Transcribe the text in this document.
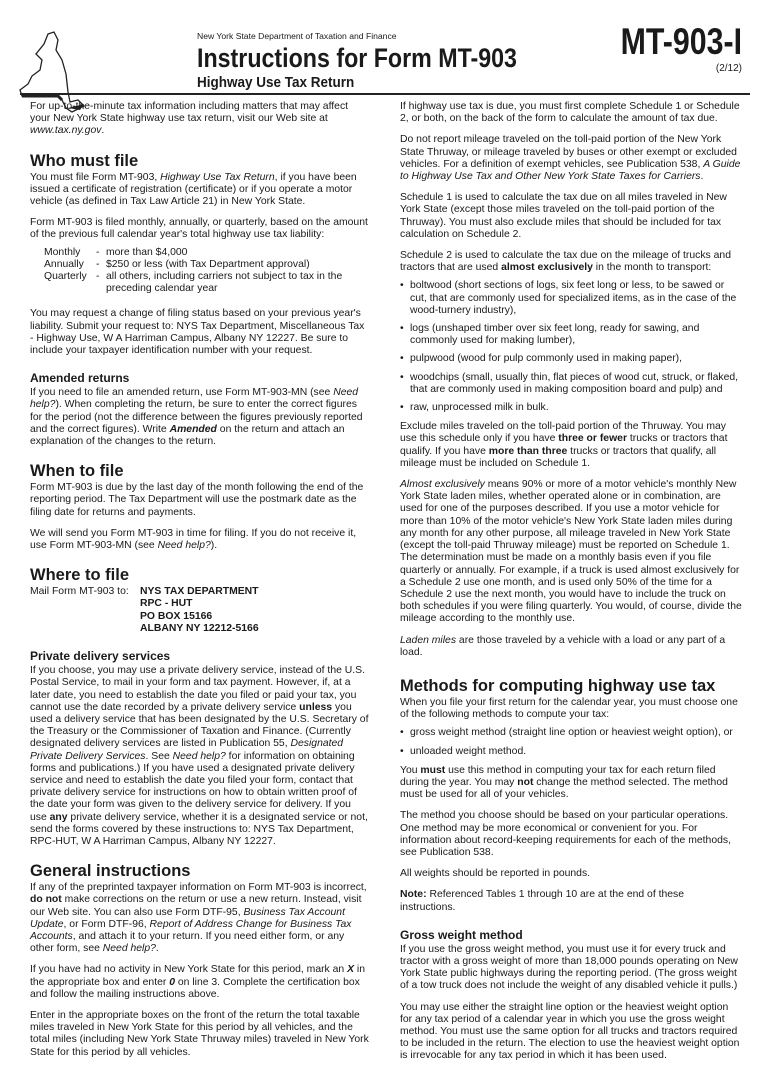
New York State Department of Taxation and Finance
Instructions for Form MT-903
Highway Use Tax Return
MT-903-I
(2/12)

For up-to-the-minute tax information including matters that may affect your New York State highway use tax return, visit our Web site at www.tax.ny.gov.

Who must file

You must file Form MT-903, Highway Use Tax Return, if you have been issued a certificate of registration (certificate) or if you operate a motor vehicle (as defined in Tax Law Article 21) in New York State.

Form MT-903 is filed monthly, annually, or quarterly, based on the amount of the previous full calendar year's total highway use tax liability:

Monthly	- more than $4,000
Annually	- $250 or less (with Tax Department approval)
Quarterly - all others, including carriers not subject to tax in the preceding calendar year

You may request a change of filing status based on your previous year's liability. Submit your request to: NYS Tax Department, Miscellaneous Tax - Highway Use, W A Harriman Campus, Albany NY 12227. Be sure to include your taxpayer identification number with your request.

Amended returns

If you need to file an amended return, use Form MT-903-MN (see Need help?). When completing the return, be sure to enter the correct figures for the period (not the difference between the figures previously reported and the correct figures). Write Amended on the return and attach an explanation of the changes to the return.

When to file

Form MT-903 is due by the last day of the month following the end of the reporting period. The Tax Department will use the postmark date as the filing date for returns and payments.

We will send you Form MT-903 in time for filing. If you do not receive it, use Form MT-903-MN (see Need help?).

Where to file
Mail Form MT-903 to:	NYS TAX DEPARTMENT
RPC - HUT
PO BOX 15166
ALBANY NY 12212-5166
Private delivery services

If you choose, you may use a private delivery service, instead of the U.S. Postal Service, to mail in your form and tax payment. However, if, at a later date, you need to establish the date you filed or paid your tax, you cannot use the date recorded by a private delivery service unless you used a delivery service that has been designated by the U.S. Secretary of the Treasury or the Commissioner of Taxation and Finance. (Currently designated delivery services are listed in Publication 55, Designated Private Delivery Services. See Need help? for information on obtaining forms and publications.) If you have used a designated private delivery service and need to establish the date you filed your form, contact that private delivery service for instructions on how to obtain written proof of the date your form was given to the delivery service for delivery. If you use any private delivery service, whether it is a designated service or not, send the forms covered by these instructions to: NYS Tax Department, RPC-HUT, W A Harriman Campus, Albany NY 12227.

General instructions

If any of the preprinted taxpayer information on Form MT-903 is incorrect, do not make corrections on the return or use a new return. Instead, visit our Web site. You can also use Form DTF-95, Business Tax Account Update, or Form DTF-96, Report of Address Change for Business Tax Accounts, and attach it to your return. If you need either form, or any other form, see Need help?.

If you have had no activity in New York State for this period, mark an X in the appropriate box and enter 0 on line 3. Complete the certification box and follow the mailing instructions above.

Enter in the appropriate boxes on the front of the return the total taxable miles traveled in New York State for this period by all vehicles, and the total miles (including New York State Thruway miles) traveled in New York State for this period by all vehicles.

If highway use tax is due, you must first complete Schedule 1 or Schedule 2, or both, on the back of the form to calculate the amount of tax due.

Do not report mileage traveled on the toll-paid portion of the New York State Thruway, or mileage traveled by buses or other exempt or excluded vehicles. For a definition of exempt vehicles, see Publication 538, A Guide to Highway Use Tax and Other New York State Taxes for Carriers.

Schedule 1 is used to calculate the tax due on all miles traveled in New York State (except those miles traveled on the toll-paid portion of the Thruway). You must also exclude miles that should be included for tax calculation on Schedule 2.

Schedule 2 is used to calculate the tax due on the mileage of trucks and tractors that are used almost exclusively in the month to transport:

• boltwood (short sections of logs, six feet long or less, to be sawed or cut, that are commonly used for specialized items, as in the case of the wood-turnery industry),
• logs (unshaped timber over six feet long, ready for sawing, and commonly used for making lumber),
• pulpwood (wood for pulp commonly used in making paper),
• woodchips (small, usually thin, flat pieces of wood cut, struck, or flaked, that are commonly used in making composition board and pulp) and
• raw, unprocessed milk in bulk.

Exclude miles traveled on the toll-paid portion of the Thruway. You may use this schedule only if you have three or fewer trucks or tractors that qualify. If you have more than three trucks or tractors that qualify, all mileage must be included on Schedule 1.

Almost exclusively means 90% or more of a motor vehicle's monthly New York State laden miles, whether operated alone or in combination, are used for one of the purposes described. If you use a motor vehicle for more than 10% of the motor vehicle's New York State laden miles during any month for any other purpose, all mileage traveled in New York State (except the toll-paid Thruway mileage) must be reported on Schedule 1. The determination must be made on a monthly basis even if you file quarterly or annually. For example, if a truck is used almost exclusively for a Schedule 2 use one month, and is used only 50% of the time for a Schedule 2 use the next month, you would have to include the truck on both schedules if you were filing quarterly. You would, of course, divide the mileage according to the monthly use.

Laden miles are those traveled by a vehicle with a load or any part of a load.

Methods for computing highway use tax

When you file your first return for the calendar year, you must choose one of the following methods to compute your tax:

• gross weight method (straight line option or heaviest weight option), or
• unloaded weight method.

You must use this method in computing your tax for each return filed during the year. You may not change the method selected. The method must be used for all of your vehicles.

The method you choose should be based on your particular operations. One method may be more economical or convenient for you. For information about record-keeping requirements for each of the methods, see Publication 538.

All weights should be reported in pounds.

Note: Referenced Tables 1 through 10 are at the end of these instructions.

Gross weight method

If you use the gross weight method, you must use it for every truck and tractor with a gross weight of more than 18,000 pounds operating on New York State public highways during the reporting period. (The gross weight of a tow truck does not include the weight of any disabled vehicle it pulls.)

You may use either the straight line option or the heaviest weight option for any tax period of a calendar year in which you use the gross weight method. You must use the same option for all trucks and tractors required to be included in the return. The election to use the heaviest weight option is irrevocable for any tax period in which it has been used.
